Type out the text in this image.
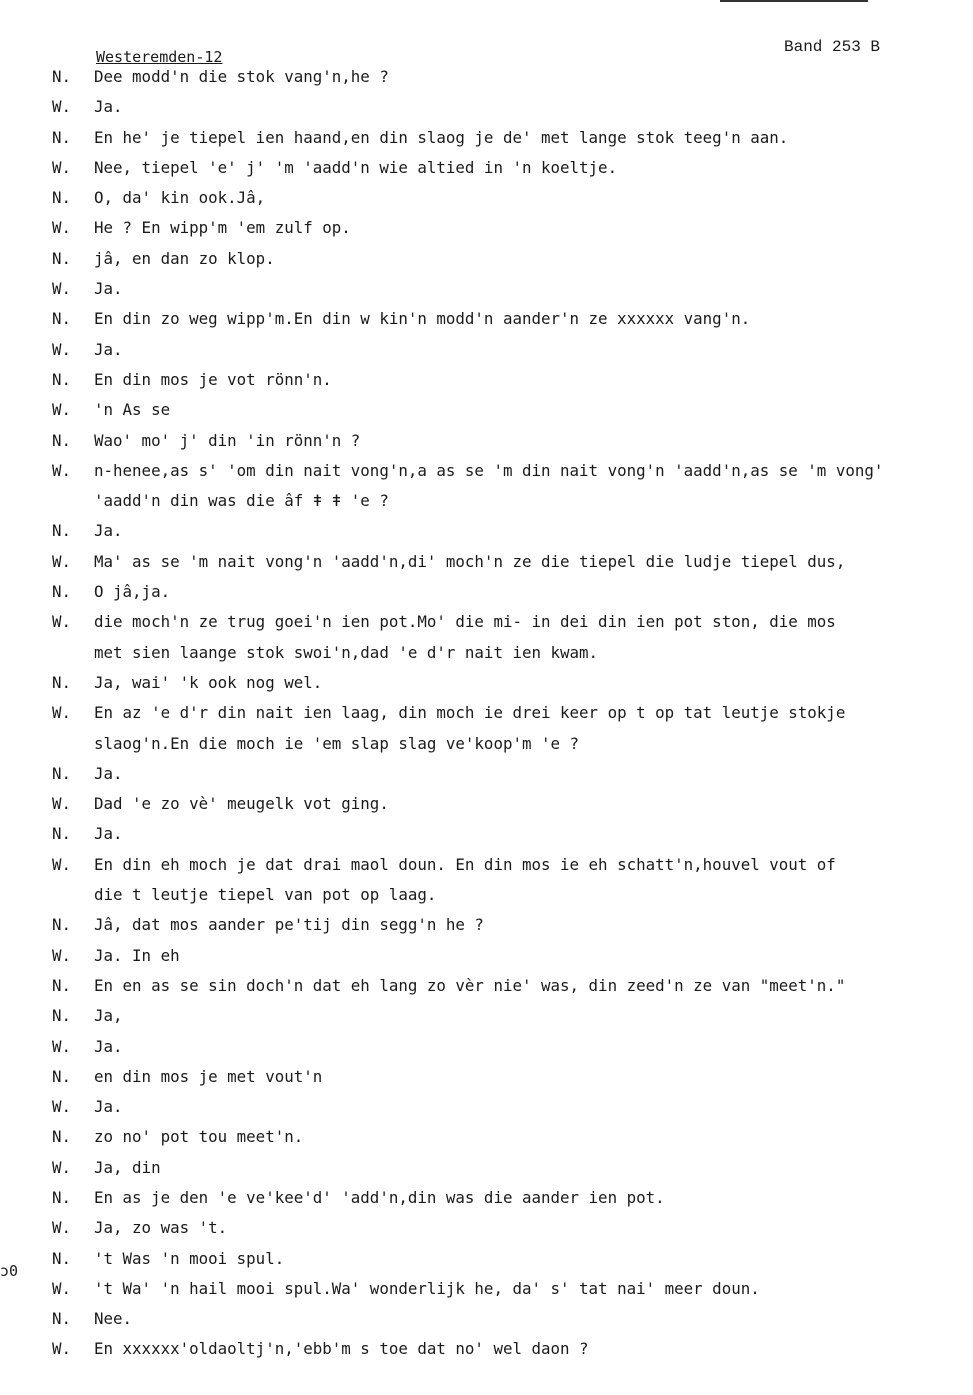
Westeremden-12
Band 253 B
ɔ0
N. Dee modd'n die stok vang'n,he ?
W. Ja.
N. En he' je tiepel ien haand,en din slaog je de' met lange stok teeg'n aan.
W. Nee, tiepel 'e' j' 'm 'aadd'n wie altied in 'n koeltje.
N. O, da' kin ook.Jâ,
W. He ? En wipp'm 'em zulf op.
N. jâ, en dan zo klop.
W. Ja.
N. En din zo weg wipp'm.En din w kin'n modd'n aander'n ze xxxxxx vang'n.
W. Ja.
N. En din mos je vot rönn'n.
W. 'n As se
N. Wao' mo' j' din 'in rönn'n ?
W. n-henee,as s' 'om din nait vong'n,a as se 'm din nait vong'n 'aadd'n,as se 'm vong'
'aadd'n din was die âf ǂ ǂ 'e ?
N. Ja.
W. Ma' as se 'm nait vong'n 'aadd'n,di' moch'n ze die tiepel die ludje tiepel dus,
N. O jâ,ja.
W. die moch'n ze trug goei'n ien pot.Mo' die mi- in dei din ien pot ston, die mos
met sien laange stok swoi'n,dad 'e d'r nait ien kwam.
N. Ja, wai' 'k ook nog wel.
W. En az 'e d'r din nait ien laag, din moch ie drei keer op t op tat leutje stokje
slaog'n.En die moch ie 'em slap slag ve'koop'm 'e ?
N. Ja.
W. Dad 'e zo vè' meugelk vot ging.
N. Ja.
W. En din eh moch je dat drai maol doun. En din mos ie eh schatt'n,houvel vout of
die t leutje tiepel van pot op laag.
N. Jâ, dat mos aander pe'tij din segg'n he ?
W. Ja. In eh
N. En en as se sin doch'n dat eh lang zo vèr nie' was, din zeed'n ze van "meet'n."
N. Ja,
W. Ja.
N. en din mos je met vout'n
W. Ja.
N. zo no' pot tou meet'n.
W. Ja, din
N. En as je den 'e ve'kee'd' 'add'n,din was die aander ien pot.
W. Ja, zo was 't.
N. 't Was 'n mooi spul.
W. 't Wa' 'n hail mooi spul.Wa' wonderlijk he, da' s' tat nai' meer doun.
N. Nee.
W. En xxxxxx'oldaoltj'n,'ebb'm s toe dat no' wel daon ?
